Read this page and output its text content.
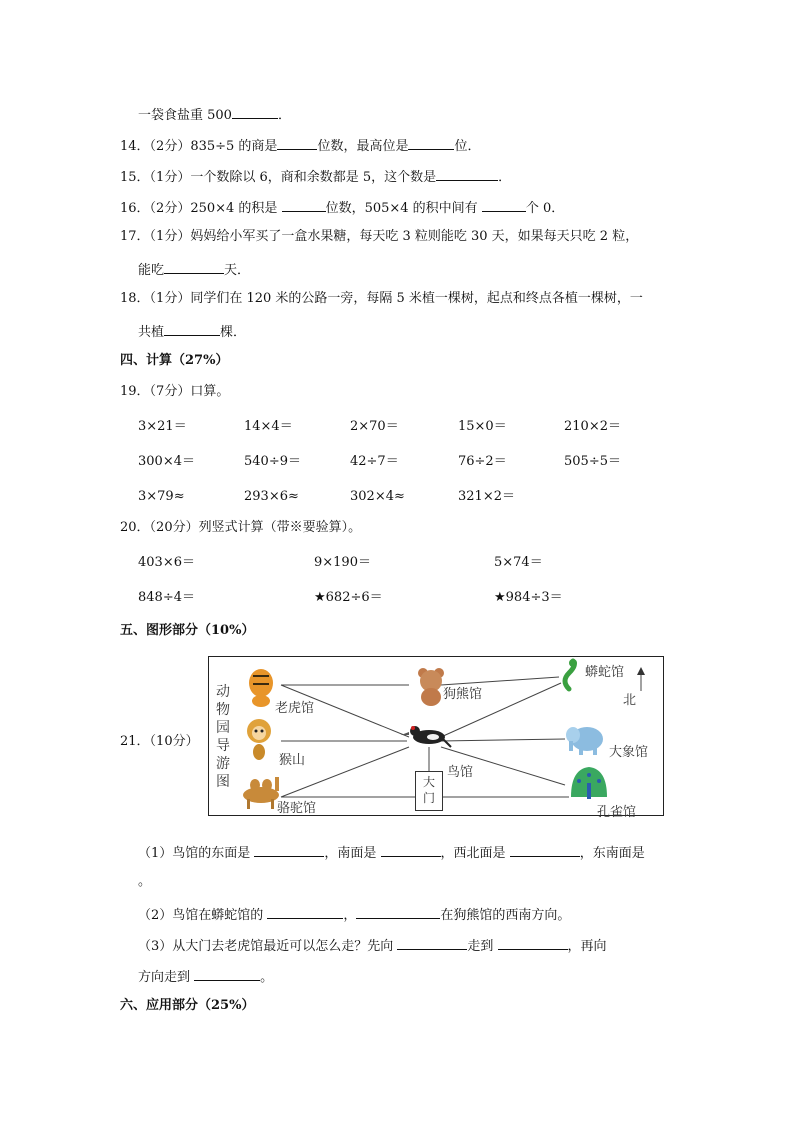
一袋食盐重 500	．
14．（2分）835÷5 的商是	位数，最高位是	位．
15．（1分）一个数除以 6，商和余数都是 5，这个数是	．
16．（2分）250×4 的积是	位数，505×4 的积中间有	个 0．
17．（1分）妈妈给小军买了一盒水果糖，每天吃 3 粒则能吃 30 天，如果每天只吃 2 粒，
能吃	天．
18．（1分）同学们在 120 米的公路一旁，每隔 5 米植一棵树，起点和终点各植一棵树，一
共植	棵．
四、计算（27%）
19．（7分）口算。
3×21＝	14×4＝	2×70＝	15×0＝	210×2＝
300×4＝	540÷9＝	42÷7＝	76÷2＝	505÷5＝
3×79≈	293×6≈	302×4≈	321×2＝
20．（20分）列竖式计算（带※要验算）。
403×6＝	9×190＝	5×74＝
848÷4＝	★682÷6＝	★984÷3＝
五、图形部分（10%）
21．（10分）
动
物
园
导
游
图
老虎馆
狗熊馆
蟒蛇馆
北
猴山
大象馆
鸟馆
骆驼馆	孔雀馆
大
门
（1）鸟馆的东面是	，南面是	，西北面是	，东南面是
。
（2）鸟馆在蟒蛇馆的	，	在狗熊馆的西南方向。
（3）从大门去老虎馆最近可以怎么走？先向	走到	，再向
方向走到	。
六、应用部分（25%）
